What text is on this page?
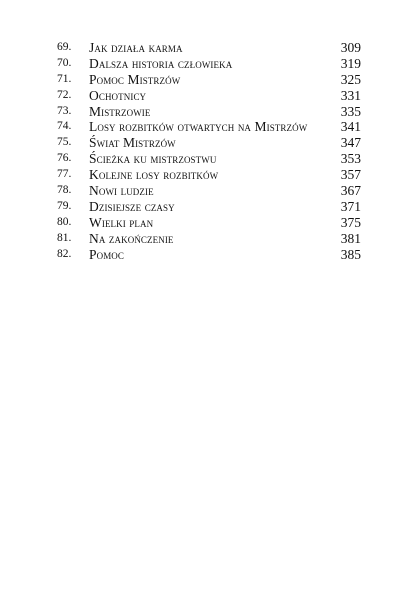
69. Jak działa karma	309
70. Dalsza historia człowieka	319
71. Pomoc Mistrzów	325
72. Ochotnicy	331
73. Mistrzowie	335
74. Losy rozbitków otwartych na Mistrzów 341
75. Świat Mistrzów	347
76. Ścieżka ku mistrzostwu	353
77. Kolejne losy rozbitków	357
78. Nowi ludzie	367
79. Dzisiejsze czasy	371
80. Wielki plan	375
81. Na zakończenie	381
82. Pomoc	385
